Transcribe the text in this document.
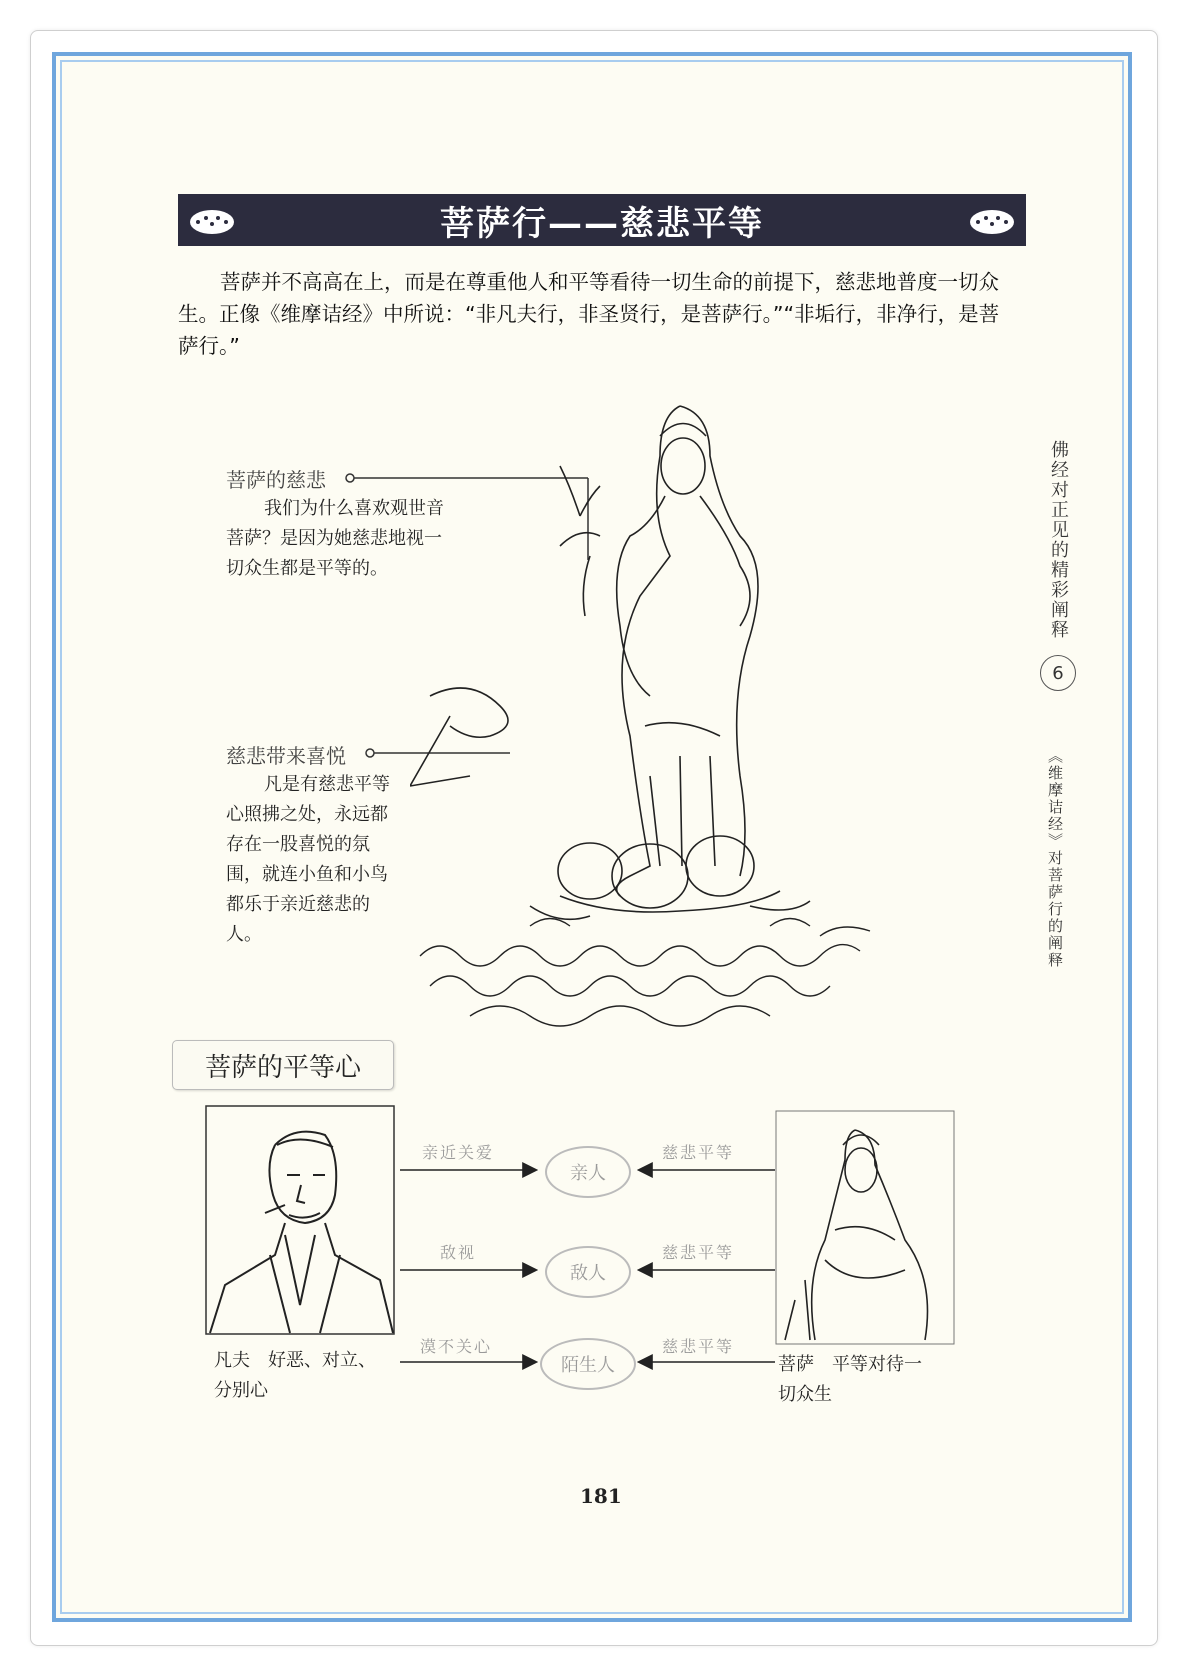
菩萨行——慈悲平等
菩萨并不高高在上，而是在尊重他人和平等看待一切生命的前提下，慈悲地普度一切众生。正像《维摩诘经》中所说：“非凡夫行，非圣贤行，是菩萨行。”“非垢行，非净行，是菩萨行。”
菩萨的慈悲
我们为什么喜欢观世音菩萨？是因为她慈悲地视一切众生都是平等的。
慈悲带来喜悦
凡是有慈悲平等心照拂之处，永远都存在一股喜悦的氛围，就连小鱼和小鸟都乐于亲近慈悲的人。
佛经对正见的精彩阐释
6
《维摩诘经》对菩萨行的阐释
菩萨的平等心
亲近关爱
亲人
慈悲平等
敌视
敌人
慈悲平等
漠不关心
陌生人
慈悲平等
凡夫　好恶、对立、
分别心
菩萨　平等对待一
切众生
181
